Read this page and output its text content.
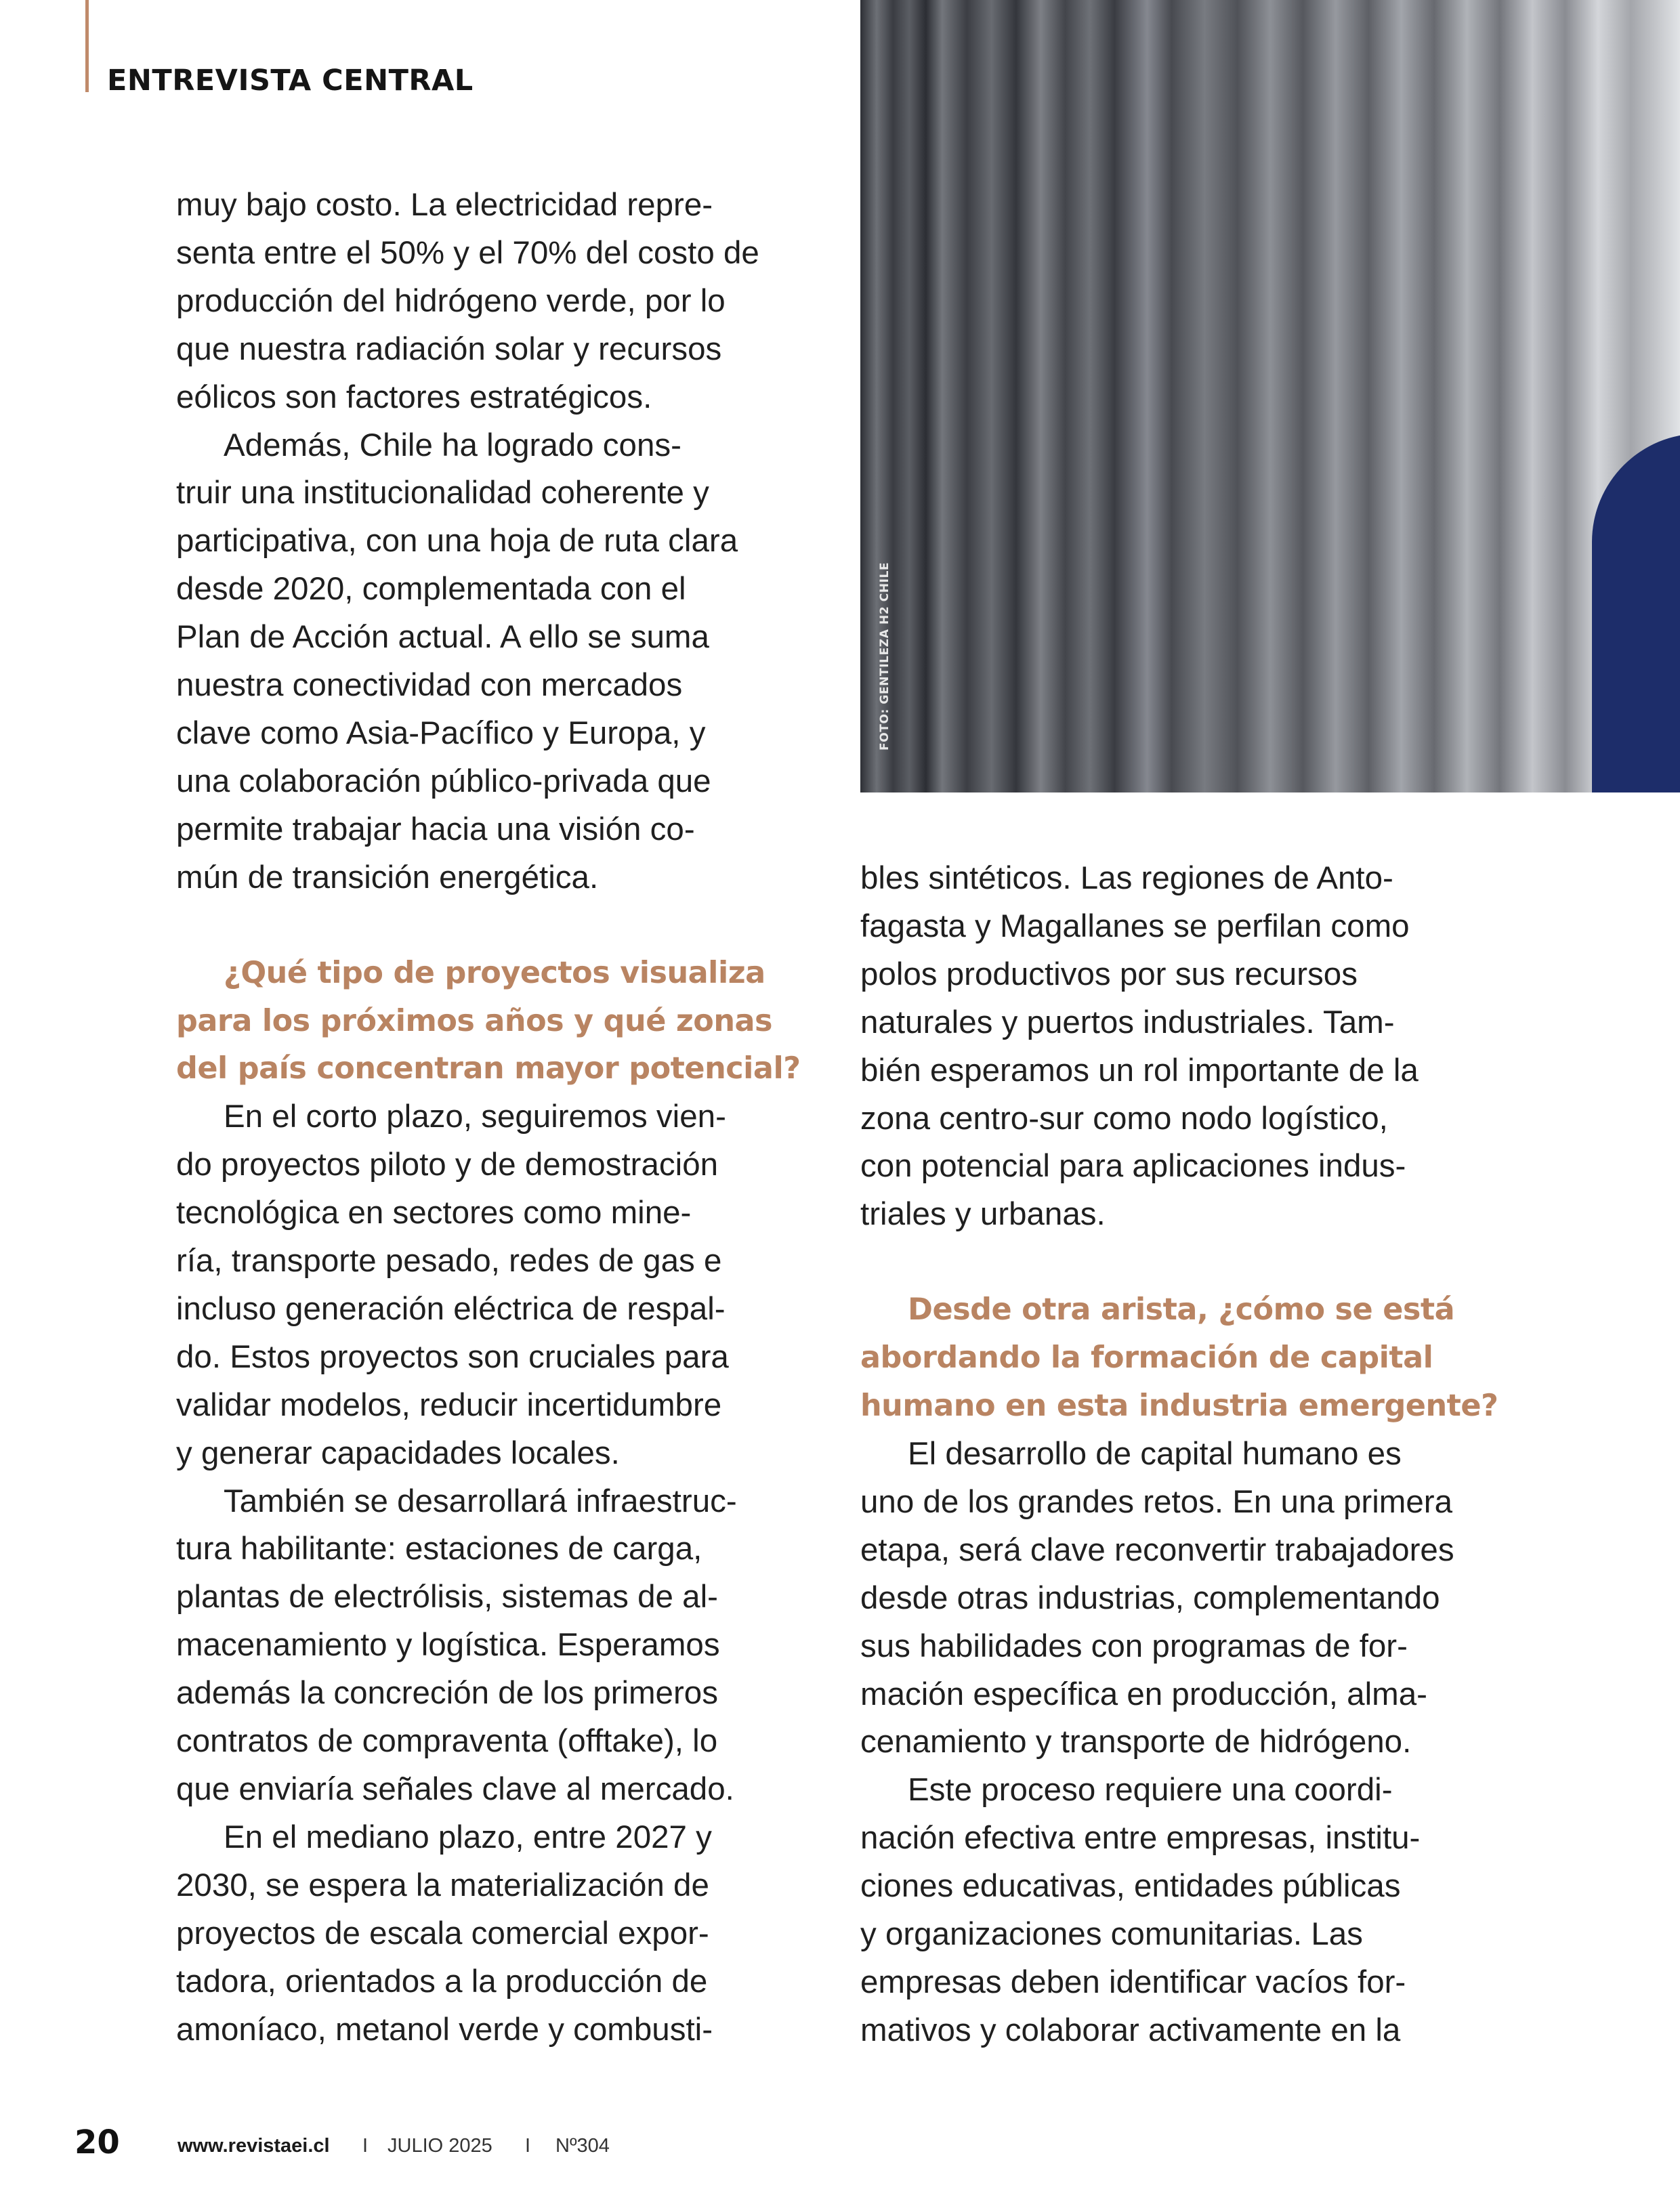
ENTREVISTA CENTRAL
FOTO: GENTILEZA H2 CHILE

muy bajo costo. La electricidad repre-
senta entre el 50% y el 70% del costo de
producción del hidrógeno verde, por lo
que nuestra radiación solar y recursos
eólicos son factores estratégicos.

Además, Chile ha logrado cons-
truir una institucionalidad coherente y
participativa, con una hoja de ruta clara
desde 2020, complementada con el
Plan de Acción actual. A ello se suma
nuestra conectividad con mercados
clave como Asia-Pacífico y Europa, y
una colaboración público-privada que
permite trabajar hacia una visión co-
mún de transición energética.

¿Qué tipo de proyectos visualiza
para los próximos años y qué zonas
del país concentran mayor potencial?

En el corto plazo, seguiremos vien-
do proyectos piloto y de demostración
tecnológica en sectores como mine-
ría, transporte pesado, redes de gas e
incluso generación eléctrica de respal-
do. Estos proyectos son cruciales para
validar modelos, reducir incertidumbre
y generar capacidades locales.

También se desarrollará infraestruc-
tura habilitante: estaciones de carga,
plantas de electrólisis, sistemas de al-
macenamiento y logística. Esperamos
además la concreción de los primeros
contratos de compraventa (offtake), lo
que enviaría señales clave al mercado.

En el mediano plazo, entre 2027 y
2030, se espera la materialización de
proyectos de escala comercial expor-
tadora, orientados a la producción de
amoníaco, metanol verde y combusti-

bles sintéticos. Las regiones de Anto-
fagasta y Magallanes se perfilan como
polos productivos por sus recursos
naturales y puertos industriales. Tam-
bién esperamos un rol importante de la
zona centro-sur como nodo logístico,
con potencial para aplicaciones indus-
triales y urbanas.

Desde otra arista, ¿cómo se está
abordando la formación de capital
humano en esta industria emergente?

El desarrollo de capital humano es
uno de los grandes retos. En una primera
etapa, será clave reconvertir trabajadores
desde otras industrias, complementando
sus habilidades con programas de for-
mación específica en producción, alma-
cenamiento y transporte de hidrógeno.

Este proceso requiere una coordi-
nación efectiva entre empresas, institu-
ciones educativas, entidades públicas
y organizaciones comunitarias. Las
empresas deben identificar vacíos for-
mativos y colaborar activamente en la

20	www.revistaei.cl I JULIO 2025 I Nº304
